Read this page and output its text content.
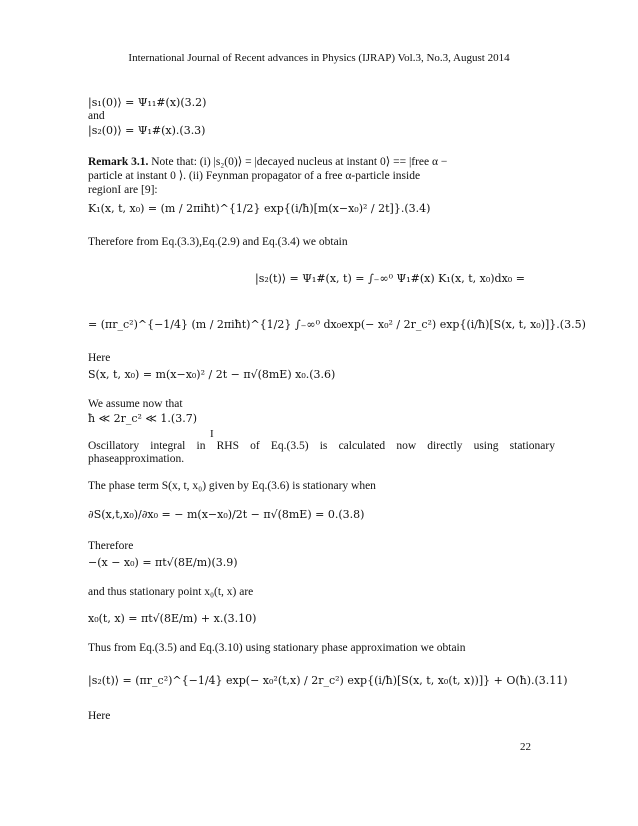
International Journal of Recent advances in Physics (IJRAP) Vol.3, No.3, August 2014
|s₁(0)⟩ = Ψ₁₁#(x)(3.2)
and
|s₂(0)⟩ = Ψ₁#(x).(3.3)
Remark 3.1. Note that: (i) |s₂(0)⟩ = |decayed nucleus at instant 0⟩ == |free α −
particle at instant 0 ⟩. (ii) Feynman propagator of a free α-particle inside
regionI are [9]:
K₁(x, t, x₀) = (m / 2πiħt)^{1/2} exp{(i/ħ)[m(x−x₀)² / 2t]}.(3.4)
Therefore from Eq.(3.3),Eq.(2.9) and Eq.(3.4) we obtain
|s₂(t)⟩ = Ψ₁#(x, t) = ∫₋∞⁰ Ψ₁#(x) K₁(x, t, x₀)dx₀ =
= (πr_c²)^{−1/4} (m / 2πiħt)^{1/2} ∫₋∞⁰ dx₀exp(− x₀² / 2r_c²) exp{(i/ħ)[S(x, t, x₀)]}.(3.5)
Here
S(x, t, x₀) = m(x−x₀)² / 2t − π√(8mE) x₀.(3.6)
We assume now that
ħ ≪ 2r_c² ≪ 1.(3.7)
I
Oscillatory integral in RHS of Eq.(3.5) is calculated now directly using stationary phaseapproximation.
The phase term S(x, t, x₀) given by Eq.(3.6) is stationary when
∂S(x,t,x₀)/∂x₀ = − m(x−x₀)/2t − π√(8mE) = 0.(3.8)
Therefore
−(x − x₀) = πt√(8E/m)(3.9)
and thus stationary point x₀(t, x) are
x₀(t, x) = πt√(8E/m) + x.(3.10)
Thus from Eq.(3.5) and Eq.(3.10) using stationary phase approximation we obtain
|s₂(t)⟩ = (πr_c²)^{−1/4} exp(− x₀²(t,x) / 2r_c²) exp{(i/ħ)[S(x, t, x₀(t, x))]} + O(ħ).(3.11)
Here
22
